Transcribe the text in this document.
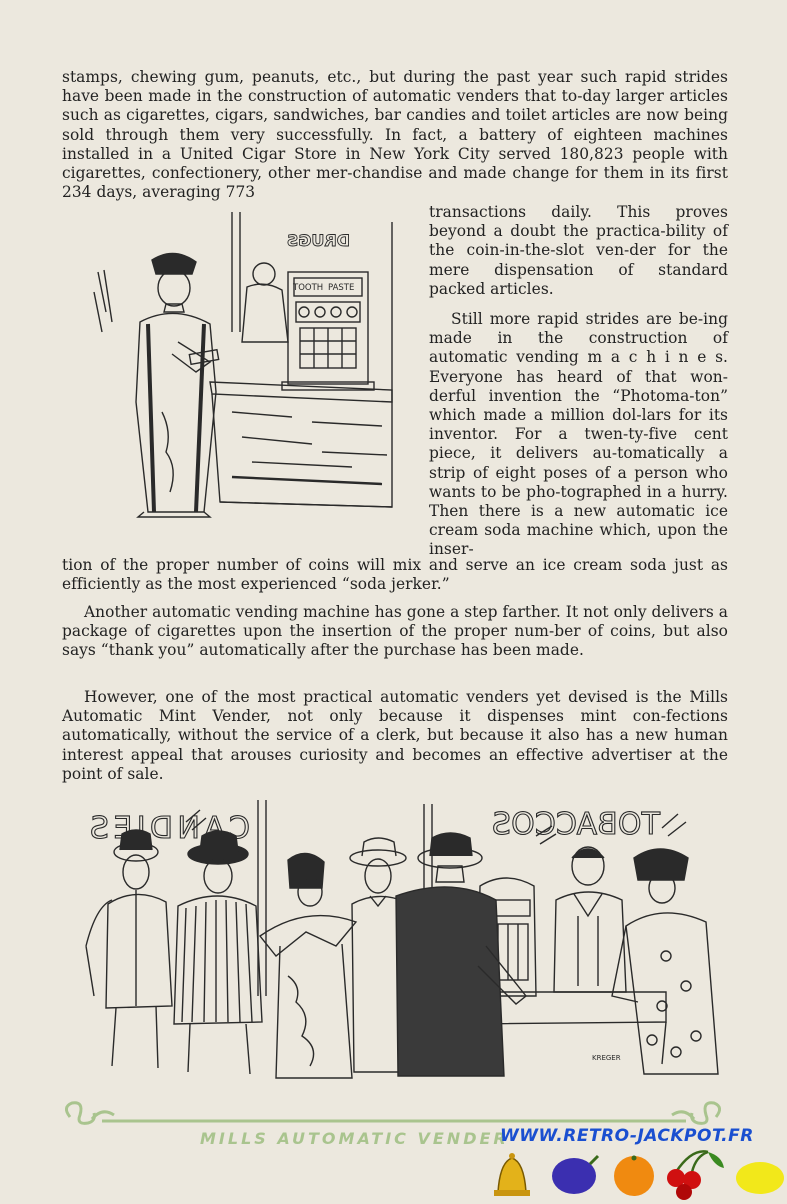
stamps, chewing gum, peanuts, etc., but during the past year such rapid strides have been made in the construction of automatic venders that to-day larger articles such as cigarettes, cigars, sandwiches, bar candies and toilet articles are now being sold through them very successfully. In fact, a battery of eighteen machines installed in a United Cigar Store in New York City served 180,823 people with cigarettes, confectionery, other mer-chandise and made change for them in its first 234 days, averaging 773

transactions daily. This proves beyond a doubt the practica-bility of the coin-in-the-slot ven-der for the mere dispensation of standard packed articles.

Still more rapid strides are be-ing made in the construction of automatic vending m a c h i n e s. Everyone has heard of that won-derful invention the “Photoma-ton” which made a million dol-lars for its inventor. For a twen-ty-five cent piece, it delivers au-tomatically a strip of eight poses of a person who wants to be pho-tographed in a hurry. Then there is a new automatic ice cream soda machine which, upon the inser-

tion of the proper number of coins will mix and serve an ice cream soda just as efficiently as the most experienced “soda jerker.”

Another automatic vending machine has gone a step farther. It not only delivers a package of cigarettes upon the insertion of the proper num-ber of coins, but also says “thank you” automatically after the purchase has been made.

However, one of the most practical automatic venders yet devised is the Mills Automatic Mint Vender, not only because it dispenses mint con-fections automatically, without the service of a clerk, but because it also has a new human interest appeal that arouses curiosity and becomes an effective advertiser at the point of sale.

DRUGS
TOOTH PASTE
CANDIES	TOBACCOS
KREGER
MILLS AUTOMATIC VENDER
WWW.RETRO-JACKPOT.FR
